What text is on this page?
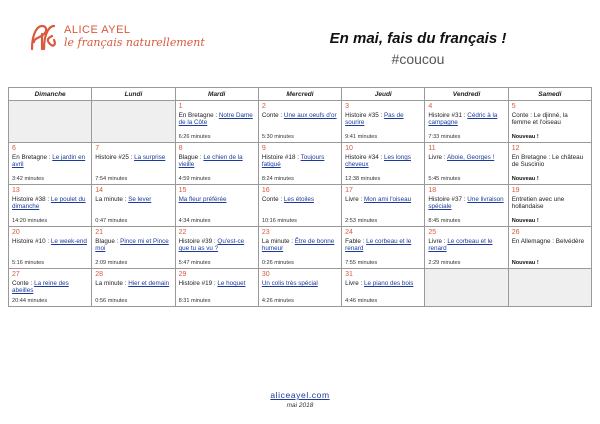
ALICE AYEL
le français naturellement	En mai, fais du français !
#coucou
Dimanche	Lundi	Mardi	Mercredi	Jeudi	Vendredi	Samedi

		1
En Bretagne : Notre Dame de la Côte
6:26 minutes	2
Conte : Une aux oeufs d'or
5:30 minutes	3
Histoire #35 : Pas de sourire
9:41 minutes	4
Histoire #31 : Cédric à la campagne
7:33 minutes	5
Conte : Le djinné, la femme et l'oiseau
Nouveau !

6
En Bretagne : Le jardin en avril
3:42 minutes	7
Histoire #25 : La surprise
7:54 minutes	8
Blague : Le chien de la vieille
4:59 minutes	9
Histoire #18 : Toujours fatigué
8:24 minutes	10
Histoire #34 : Les longs cheveux
12:38 minutes	11
Livre : Aboie, Georges !
5:45 minutes	12
En Bretagne : Le château de Suscinio
Nouveau !

13
Histoire #38 : Le poulet du dimanche
14:20 minutes	14
La minute : Se lever
0:47 minutes	15
Ma fleur préférée
4:34 minutes	16
Conte : Les étoiles
10:16 minutes	17
Livre : Mon ami l'oiseau
2:53 minutes	18
Histoire #37 : Une livraison spéciale
8:45 minutes	19
Entretien avec une hollandaise
Nouveau !

20
Histoire #10 : Le week-end
5:16 minutes	21
Blague : Pince mi et Pince moi
2:09 minutes	22
Histoire #39 : Qu'est-ce que tu as vu ?
5:47 minutes	23
La minute : Être de bonne humeur
0:26 minutes	24
Fable : Le corbeau et le renard
7:55 minutes	25
Livre : Le corbeau et le renard
2:29 minutes	26
En Allemagne : Belvédère
Nouveau !

27
Conte : La reine des abeilles
20:44 minutes	28
La minute : Hier et demain
0:56 minutes	29
Histoire #19 : Le hoquet
8:31 minutes	30
Un colis très spécial
4:26 minutes	31
Livre : Le piano des bois
4:46 minutes		

aliceayel.com
mai 2018
